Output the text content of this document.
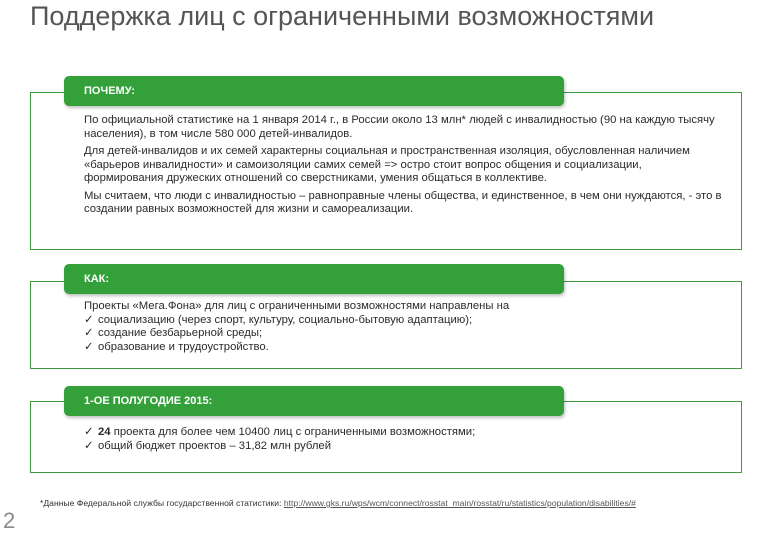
Поддержка лиц с ограниченными возможностями
ПОЧЕМУ:

По официальной статистике на 1 января 2014 г., в России около 13 млн* людей с инвалидностью (90 на каждую тысячу населения), в том числе 580 000 детей-инвалидов.

Для детей-инвалидов и их семей характерны социальная и пространственная изоляция, обусловленная наличием «барьеров инвалидности» и самоизоляции самих семей => остро стоит вопрос общения и социализации, формирования дружеских отношений со сверстниками, умения общаться в коллективе.

Мы считаем, что люди с инвалидностью – равноправные члены общества, и единственное, в чем они нуждаются, - это в создании равных возможностей для жизни и самореализации.

КАК:
Проекты «Мега.Фона» для лиц с ограниченными возможностями направлены на
✓ социализацию (через спорт, культуру, социально-бытовую адаптацию);
✓ создание безбарьерной среды;
✓ образование и трудоустройство.
1-ОЕ ПОЛУГОДИЕ 2015:
✓ 24 проекта для более чем 10400 лиц с ограниченными возможностями;
✓ общий бюджет проектов – 31,82 млн рублей
*Данные Федеральной службы государственной статистики: http://www.gks.ru/wps/wcm/connect/rosstat_main/rosstat/ru/statistics/population/disabilities/#
2
